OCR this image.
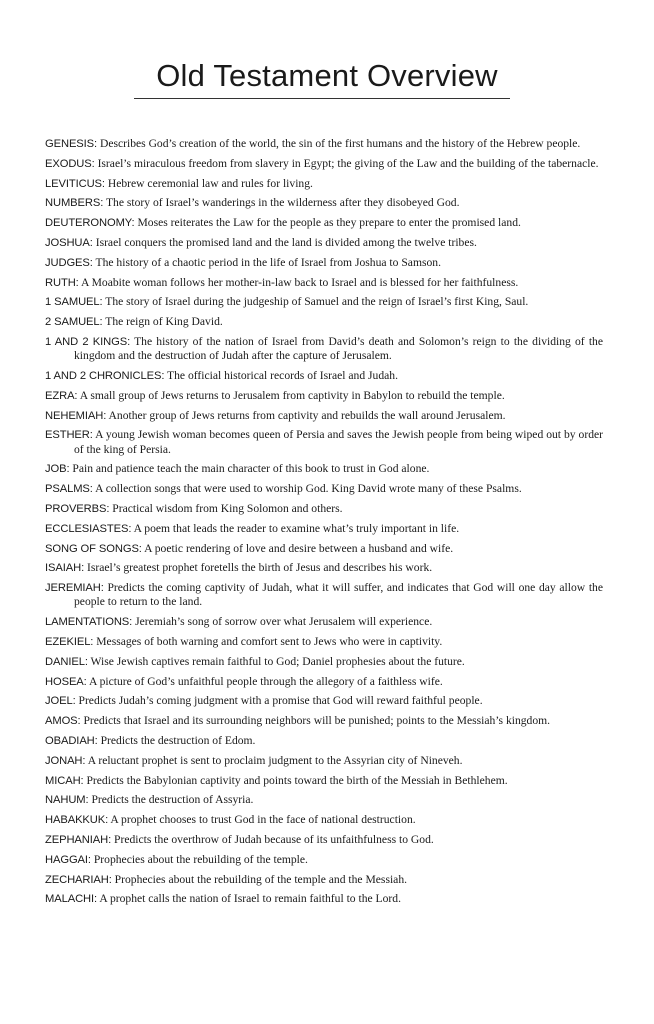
Old Testament Overview
GENESIS: Describes God’s creation of the world, the sin of the first humans and the history of the Hebrew people.
EXODUS: Israel’s miraculous freedom from slavery in Egypt; the giving of the Law and the building of the tabernacle.
LEVITICUS: Hebrew ceremonial law and rules for living.
NUMBERS: The story of Israel’s wanderings in the wilderness after they disobeyed God.
DEUTERONOMY: Moses reiterates the Law for the people as they prepare to enter the promised land.
JOSHUA: Israel conquers the promised land and the land is divided among the twelve tribes.
JUDGES: The history of a chaotic period in the life of Israel from Joshua to Samson.
RUTH: A Moabite woman follows her mother-in-law back to Israel and is blessed for her faithfulness.
1 SAMUEL: The story of Israel during the judgeship of Samuel and the reign of Israel’s first King, Saul.
2 SAMUEL: The reign of King David.
1 AND 2 KINGS: The history of the nation of Israel from David’s death and Solomon’s reign to the dividing of the kingdom and the destruction of Judah after the capture of Jerusalem.
1 AND 2 CHRONICLES: The official historical records of Israel and Judah.
EZRA: A small group of Jews returns to Jerusalem from captivity in Babylon to rebuild the temple.
NEHEMIAH: Another group of Jews returns from captivity and rebuilds the wall around Jerusalem.
ESTHER: A young Jewish woman becomes queen of Persia and saves the Jewish people from being wiped out by order of the king of Persia.
JOB: Pain and patience teach the main character of this book to trust in God alone.
PSALMS: A collection songs that were used to worship God. King David wrote many of these Psalms.
PROVERBS: Practical wisdom from King Solomon and others.
ECCLESIASTES: A poem that leads the reader to examine what’s truly important in life.
SONG OF SONGS: A poetic rendering of love and desire between a husband and wife.
ISAIAH: Israel’s greatest prophet foretells the birth of Jesus and describes his work.
JEREMIAH: Predicts the coming captivity of Judah, what it will suffer, and indicates that God will one day allow the people to return to the land.
LAMENTATIONS: Jeremiah’s song of sorrow over what Jerusalem will experience.
EZEKIEL: Messages of both warning and comfort sent to Jews who were in captivity.
DANIEL: Wise Jewish captives remain faithful to God; Daniel prophesies about the future.
HOSEA: A picture of God’s unfaithful people through the allegory of a faithless wife.
JOEL: Predicts Judah’s coming judgment with a promise that God will reward faithful people.
AMOS: Predicts that Israel and its surrounding neighbors will be punished; points to the Messiah’s kingdom.
OBADIAH: Predicts the destruction of Edom.
JONAH: A reluctant prophet is sent to proclaim judgment to the Assyrian city of Nineveh.
MICAH: Predicts the Babylonian captivity and points toward the birth of the Messiah in Bethlehem.
NAHUM: Predicts the destruction of Assyria.
HABAKKUK: A prophet chooses to trust God in the face of national destruction.
ZEPHANIAH: Predicts the overthrow of Judah because of its unfaithfulness to God.
HAGGAI: Prophecies about the rebuilding of the temple.
ZECHARIAH: Prophecies about the rebuilding of the temple and the Messiah.
MALACHI: A prophet calls the nation of Israel to remain faithful to the Lord.
